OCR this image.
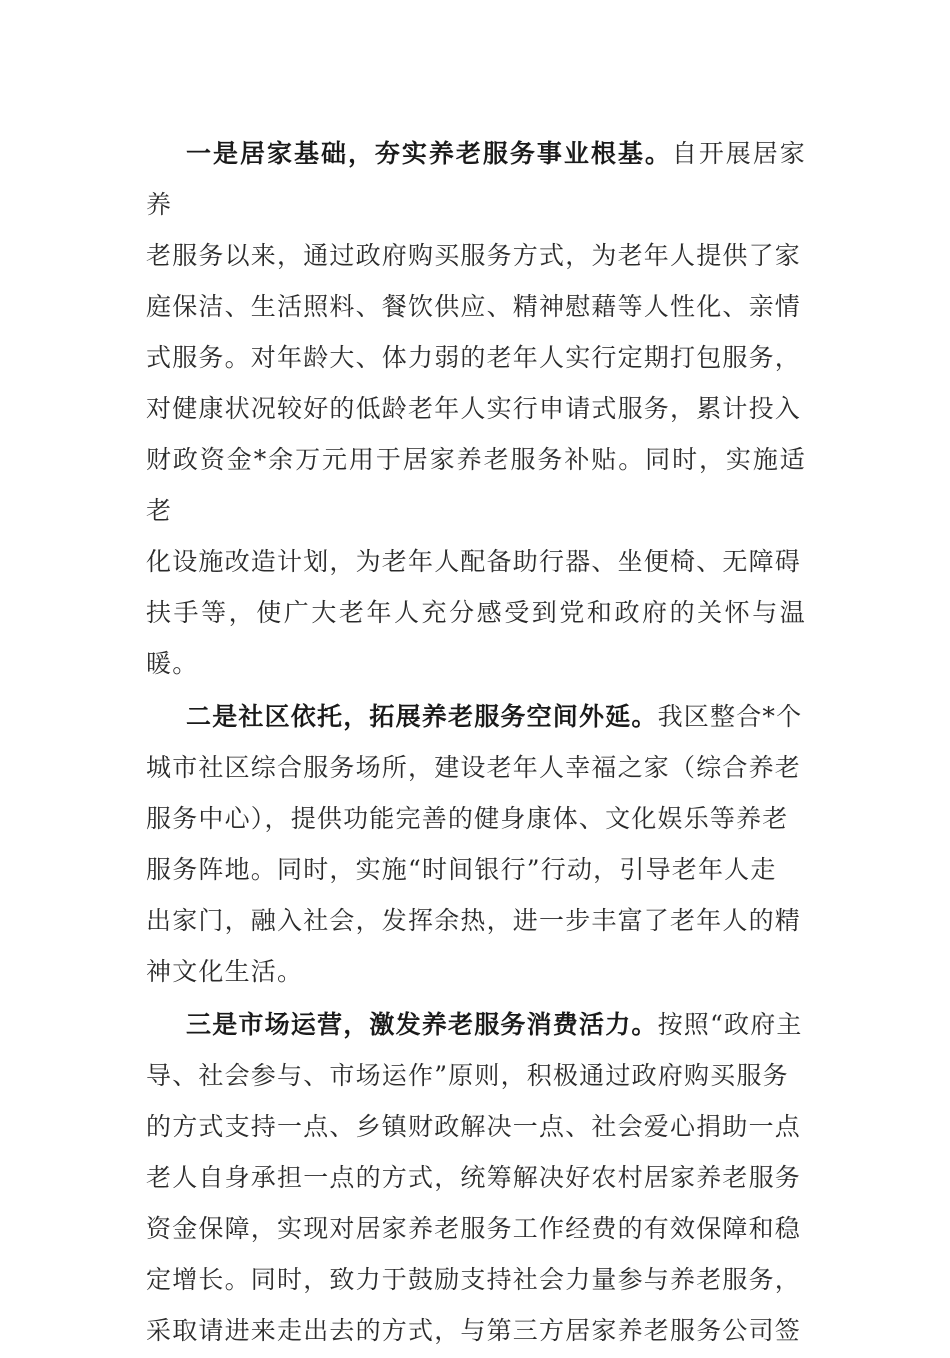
一是居家基础，夯实养老服务事业根基。自开展居家养
老服务以来，通过政府购买服务方式，为老年人提供了家
庭保洁、生活照料、餐饮供应、精神慰藉等人性化、亲情
式服务。对年龄大、体力弱的老年人实行定期打包服务，
对健康状况较好的低龄老年人实行申请式服务，累计投入
财政资金*余万元用于居家养老服务补贴。同时，实施适老
化设施改造计划，为老年人配备助行器、坐便椅、无障碍
扶手等，使广大老年人充分感受到党和政府的关怀与温暖。

二是社区依托，拓展养老服务空间外延。我区整合*个
城市社区综合服务场所，建设老年人幸福之家（综合养老
服务中心），提供功能完善的健身康体、文化娱乐等养老
服务阵地。同时，实施“时间银行”行动，引导老年人走
出家门，融入社会，发挥余热，进一步丰富了老年人的精
神文化生活。

三是市场运营，激发养老服务消费活力。按照“政府主
导、社会参与、市场运作”原则，积极通过政府购买服务
的方式支持一点、乡镇财政解决一点、社会爱心捐助一点
老人自身承担一点的方式，统筹解决好农村居家养老服务
资金保障，实现对居家养老服务工作经费的有效保障和稳
定增长。同时，致力于鼓励支持社会力量参与养老服务，
采取请进来走出去的方式，与第三方居家养老服务公司签
